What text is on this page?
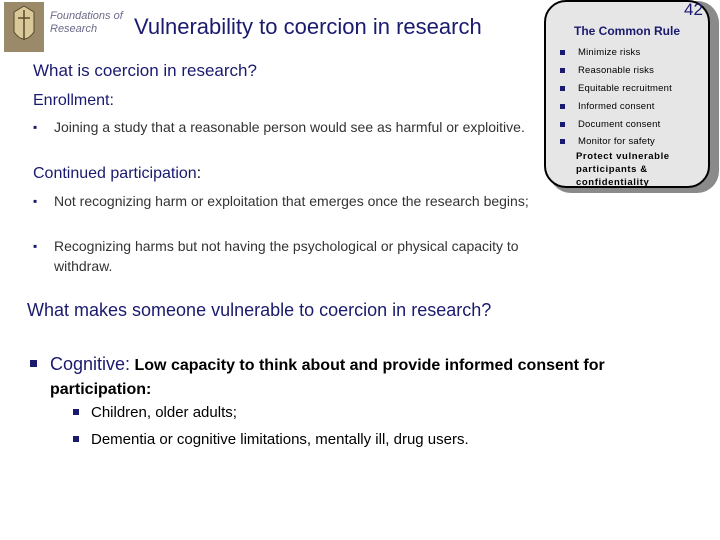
Foundations of Research	Vulnerability to coercion in research	The Common Rule
Minimize risks
Reasonable risks
Equitable recruitment
Informed consent
Document consent
Monitor for safety
Protect vulnerable participants & confidentiality
42
What is coercion in research?
Enrollment:
▪	Joining a study that a reasonable person would see as harmful or exploitive.
Continued participation:
▪	Not recognizing harm or exploitation that emerges once the research begins;
▪	Recognizing harms but not having the psychological or physical capacity to withdraw.
What makes someone vulnerable to coercion in research?
Cognitive: Low capacity to think about and provide informed consent for participation:
Children, older adults;
Dementia or cognitive limitations, mentally ill, drug users.
